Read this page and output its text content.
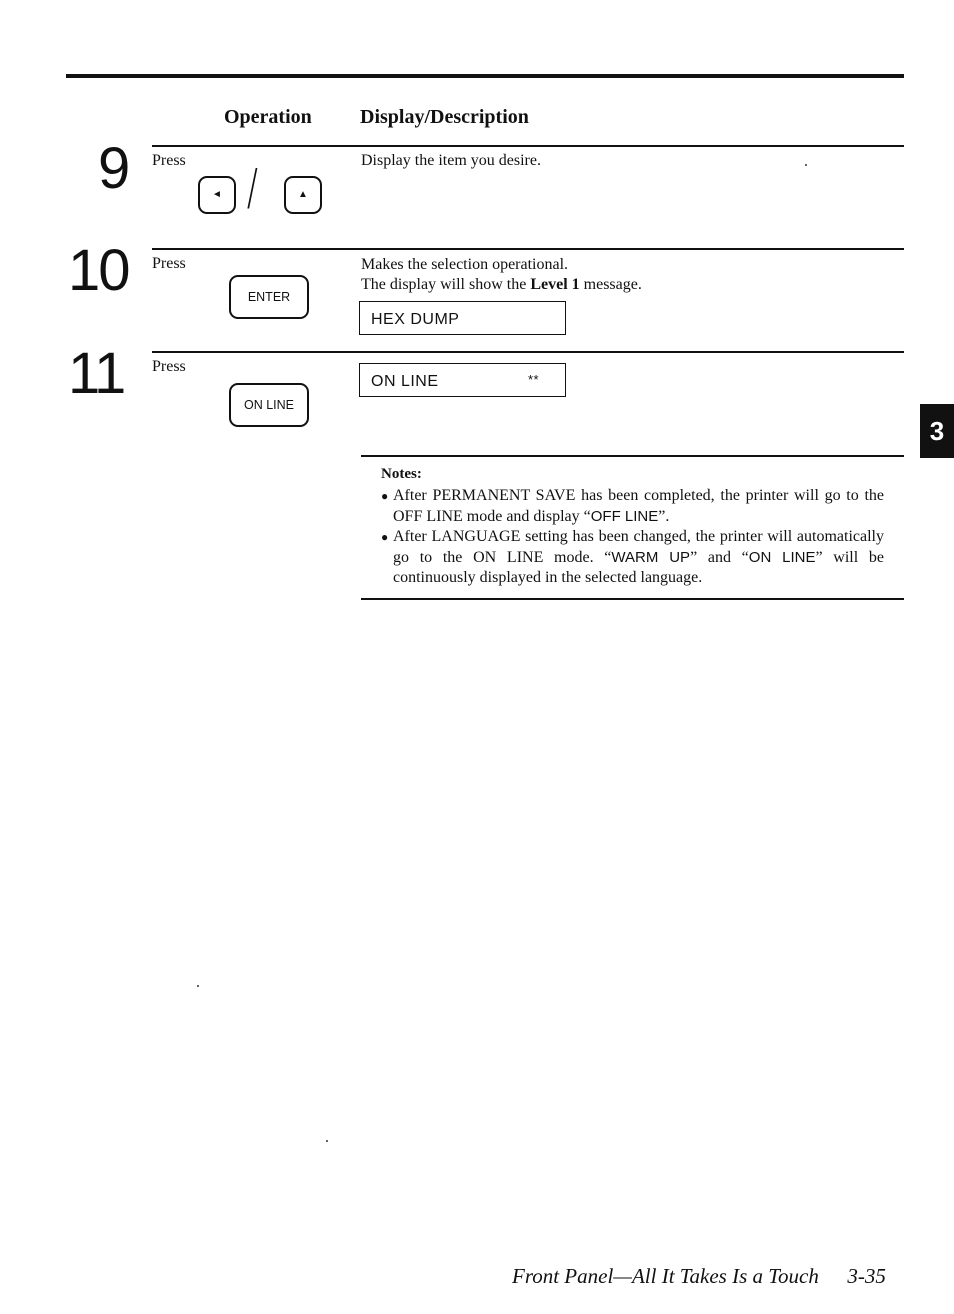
Operation Display/Description
9 Press
◄ /	▲
Display the item you desire.
10 Press
ENTER
Makes the selection operational.
The display will show the Level 1 message.
HEX DUMP
11 Press
ON LINE
ON LINE	**
Notes:
● After PERMANENT SAVE has been completed, the printer will go to the OFF LINE mode and display “OFF LINE”.
● After LANGUAGE setting has been changed, the printer will automatically go to the ON LINE mode. “WARM UP” and “ON LINE” will be continuously displayed in the selected language.
3
Front Panel—All It Takes Is a Touch 3-35
